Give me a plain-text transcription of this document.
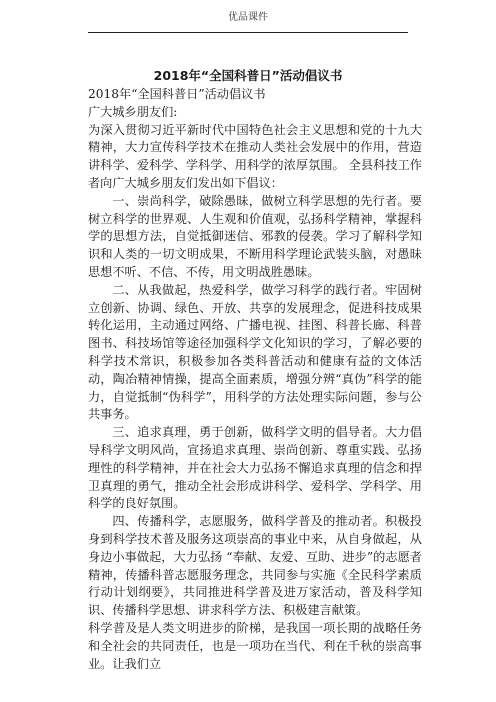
优品课件
2018年“全国科普日”活动倡议书

2018年“全国科普日”活动倡议书

广大城乡朋友们:

为深入贯彻习近平新时代中国特色社会主义思想和党的十九大精神，大力宣传科学技术在推动人类社会发展中的作用，营造讲科学、爱科学、学科学、用科学的浓厚氛围。 全县科技工作者向广大城乡朋友们发出如下倡议：

一、崇尚科学，破除愚昧，做树立科学思想的先行者。要树立科学的世界观、人生观和价值观，弘扬科学精神，掌握科学的思想方法，自觉抵御迷信、邪教的侵袭。学习了解科学知识和人类的一切文明成果，不断用科学理论武装头脑，对愚昧思想不听、不信、不传，用文明战胜愚昧。

二、从我做起，热爱科学，做学习科学的践行者。牢固树立创新、协调、绿色、开放、共享的发展理念，促进科技成果转化运用，主动通过网络、广播电视、挂图、科普长廊、科普图书、科技场馆等途径加强科学文化知识的学习，了解必要的科学技术常识，积极参加各类科普活动和健康有益的文体活动，陶冶精神情操，提高全面素质，增强分辨“真伪”科学的能力，自觉抵制“伪科学”，用科学的方法处理实际问题，参与公共事务。

三、追求真理，勇于创新，做科学文明的倡导者。大力倡导科学文明风尚，宣扬追求真理、崇尚创新、尊重实践、弘扬理性的科学精神，并在社会大力弘扬不懈追求真理的信念和捍卫真理的勇气，推动全社会形成讲科学、爱科学、学科学、用科学的良好氛围。

四、传播科学，志愿服务，做科学普及的推动者。积极投身到科学技术普及服务这项崇高的事业中来，从自身做起，从身边小事做起，大力弘扬 “奉献、友爱、互助、进步”的志愿者精神，传播科普志愿服务理念，共同参与实施《全民科学素质行动计划纲要》，共同推进科学普及进万家活动，普及科学知识、传播科学思想、讲求科学方法、积极建言献策。

科学普及是人类文明进步的阶梯，是我国一项长期的战略任务和全社会的共同责任，也是一项功在当代、利在千秋的崇高事业。让我们立
